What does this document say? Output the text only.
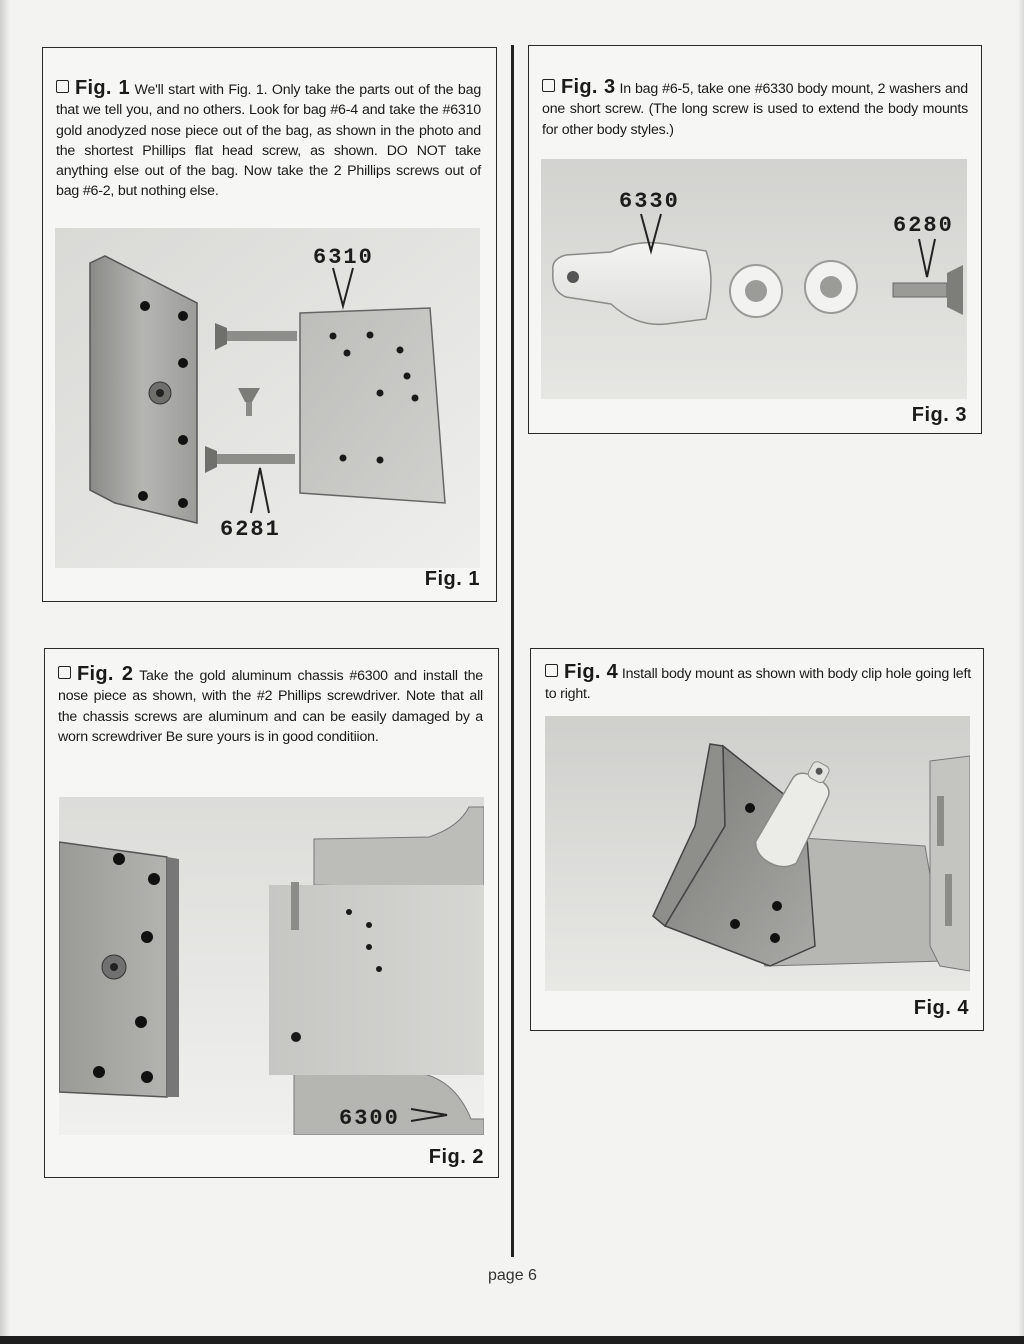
Fig. 1 We'll start with Fig. 1. Only take the parts out of the bag that we tell you, and no others. Look for bag #6-4 and take the #6310 gold anodyzed nose piece out of the bag, as shown in the photo and the shortest Phillips flat head screw, as shown. DO NOT take anything else out of the bag. Now take the 2 Phillips screws out of bag #6-2, but nothing else.
6310
6281
Fig. 1
Fig. 2 Take the gold aluminum chassis #6300 and install the nose piece as shown, with the #2 Phillips screwdriver. Note that all the chassis screws are aluminum and can be easily damaged by a worn screwdriver Be sure yours is in good conditiion.
6300
Fig. 2
Fig. 3 In bag #6-5, take one #6330 body mount, 2 washers and one short screw. (The long screw is used to extend the body mounts for other body styles.)
6330
6280
Fig. 3
Fig. 4 Install body mount as shown with body clip hole going left to right.
Fig. 4
page 6
